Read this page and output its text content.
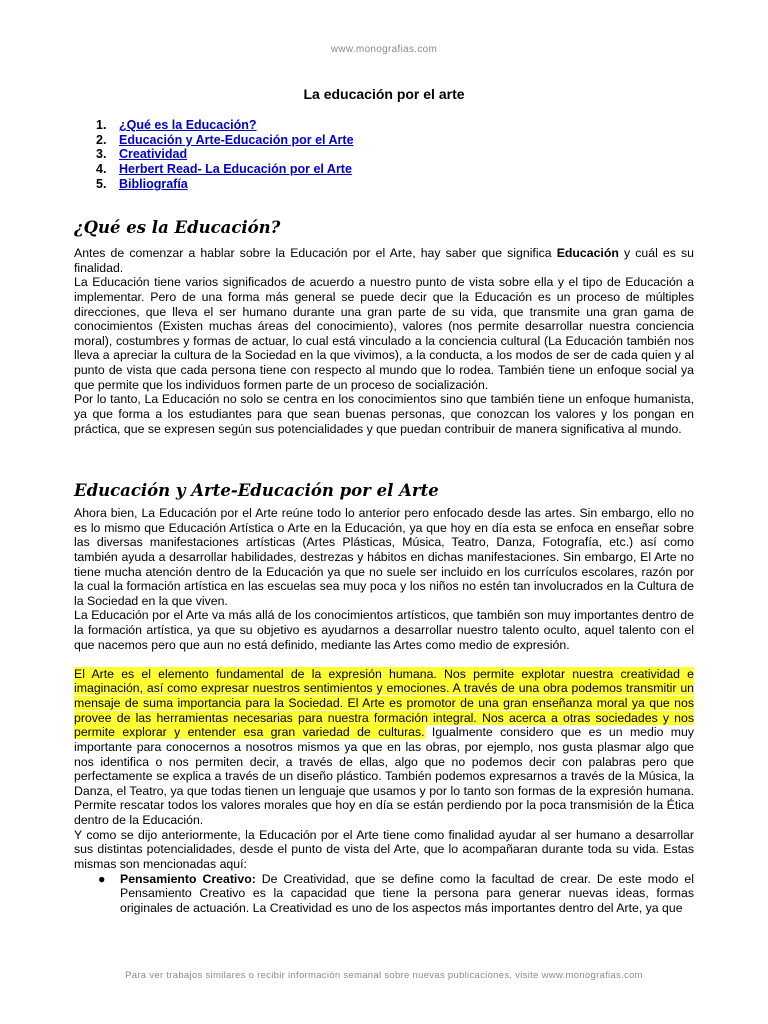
www.monografias.com
La educación por el arte
1. ¿Qué es la Educación?
2. Educación y Arte-Educación por el Arte
3. Creatividad
4. Herbert Read- La Educación por el Arte
5. Bibliografía
¿Qué es la Educación?

Antes de comenzar a hablar sobre la Educación por el Arte, hay saber que significa Educación y cuál es su finalidad.

La Educación tiene varios significados de acuerdo a nuestro punto de vista sobre ella y el tipo de Educación a implementar. Pero de una forma más general se puede decir que la Educación es un proceso de múltiples direcciones, que lleva el ser humano durante una gran parte de su vida, que transmite una gran gama de conocimientos (Existen muchas áreas del conocimiento), valores (nos permite desarrollar nuestra conciencia moral), costumbres y formas de actuar, lo cual está vinculado a la conciencia cultural (La Educación también nos lleva a apreciar la cultura de la Sociedad en la que vivimos), a la conducta, a los modos de ser de cada quien y al punto de vista que cada persona tiene con respecto al mundo que lo rodea. También tiene un enfoque social ya que permite que los individuos formen parte de un proceso de socialización.

Por lo tanto, La Educación no solo se centra en los conocimientos sino que también tiene un enfoque humanista, ya que forma a los estudiantes para que sean buenas personas, que conozcan los valores y los pongan en práctica, que se expresen según sus potencialidades y que puedan contribuir de manera significativa al mundo.

Educación y Arte-Educación por el Arte

Ahora bien, La Educación por el Arte reúne todo lo anterior pero enfocado desde las artes. Sin embargo, ello no es lo mismo que Educación Artística o Arte en la Educación, ya que hoy en día esta se enfoca en enseñar sobre las diversas manifestaciones artísticas (Artes Plásticas, Música, Teatro, Danza, Fotografía, etc.) así como también ayuda a desarrollar habilidades, destrezas y hábitos en dichas manifestaciones. Sin embargo, El Arte no tiene mucha atención dentro de la Educación ya que no suele ser incluido en los currículos escolares, razón por la cual la formación artística en las escuelas sea muy poca y los niños no estén tan involucrados en la Cultura de la Sociedad en la que viven.

La Educación por el Arte va más allá de los conocimientos artísticos, que también son muy importantes dentro de la formación artística, ya que su objetivo es ayudarnos a desarrollar nuestro talento oculto, aquel talento con el que nacemos pero que aun no está definido, mediante las Artes como medio de expresión.

El Arte es el elemento fundamental de la expresión humana. Nos permite explotar nuestra creatividad e imaginación, así como expresar nuestros sentimientos y emociones. A través de una obra podemos transmitir un mensaje de suma importancia para la Sociedad. El Arte es promotor de una gran enseñanza moral ya que nos provee de las herramientas necesarias para nuestra formación integral. Nos acerca a otras sociedades y nos permite explorar y entender esa gran variedad de culturas. Igualmente considero que es un medio muy importante para conocernos a nosotros mismos ya que en las obras, por ejemplo, nos gusta plasmar algo que nos identifica o nos permiten decir, a través de ellas, algo que no podemos decir con palabras pero que perfectamente se explica a través de un diseño plástico. También podemos expresarnos a través de la Música, la Danza, el Teatro, ya que todas tienen un lenguaje que usamos y por lo tanto son formas de la expresión humana. Permite rescatar todos los valores morales que hoy en día se están perdiendo por la poca transmisión de la Ética dentro de la Educación.

Y como se dijo anteriormente, la Educación por el Arte tiene como finalidad ayudar al ser humano a desarrollar sus distintas potencialidades, desde el punto de vista del Arte, que lo acompañaran durante toda su vida. Estas mismas son mencionadas aquí:

● Pensamiento Creativo: De Creatividad, que se define como la facultad de crear. De este modo el Pensamiento Creativo es la capacidad que tiene la persona para generar nuevas ideas, formas originales de actuación. La Creatividad es uno de los aspectos más importantes dentro del Arte, ya que

Para ver trabajos similares o recibir información semanal sobre nuevas publicaciones, visite www.monografias.com
